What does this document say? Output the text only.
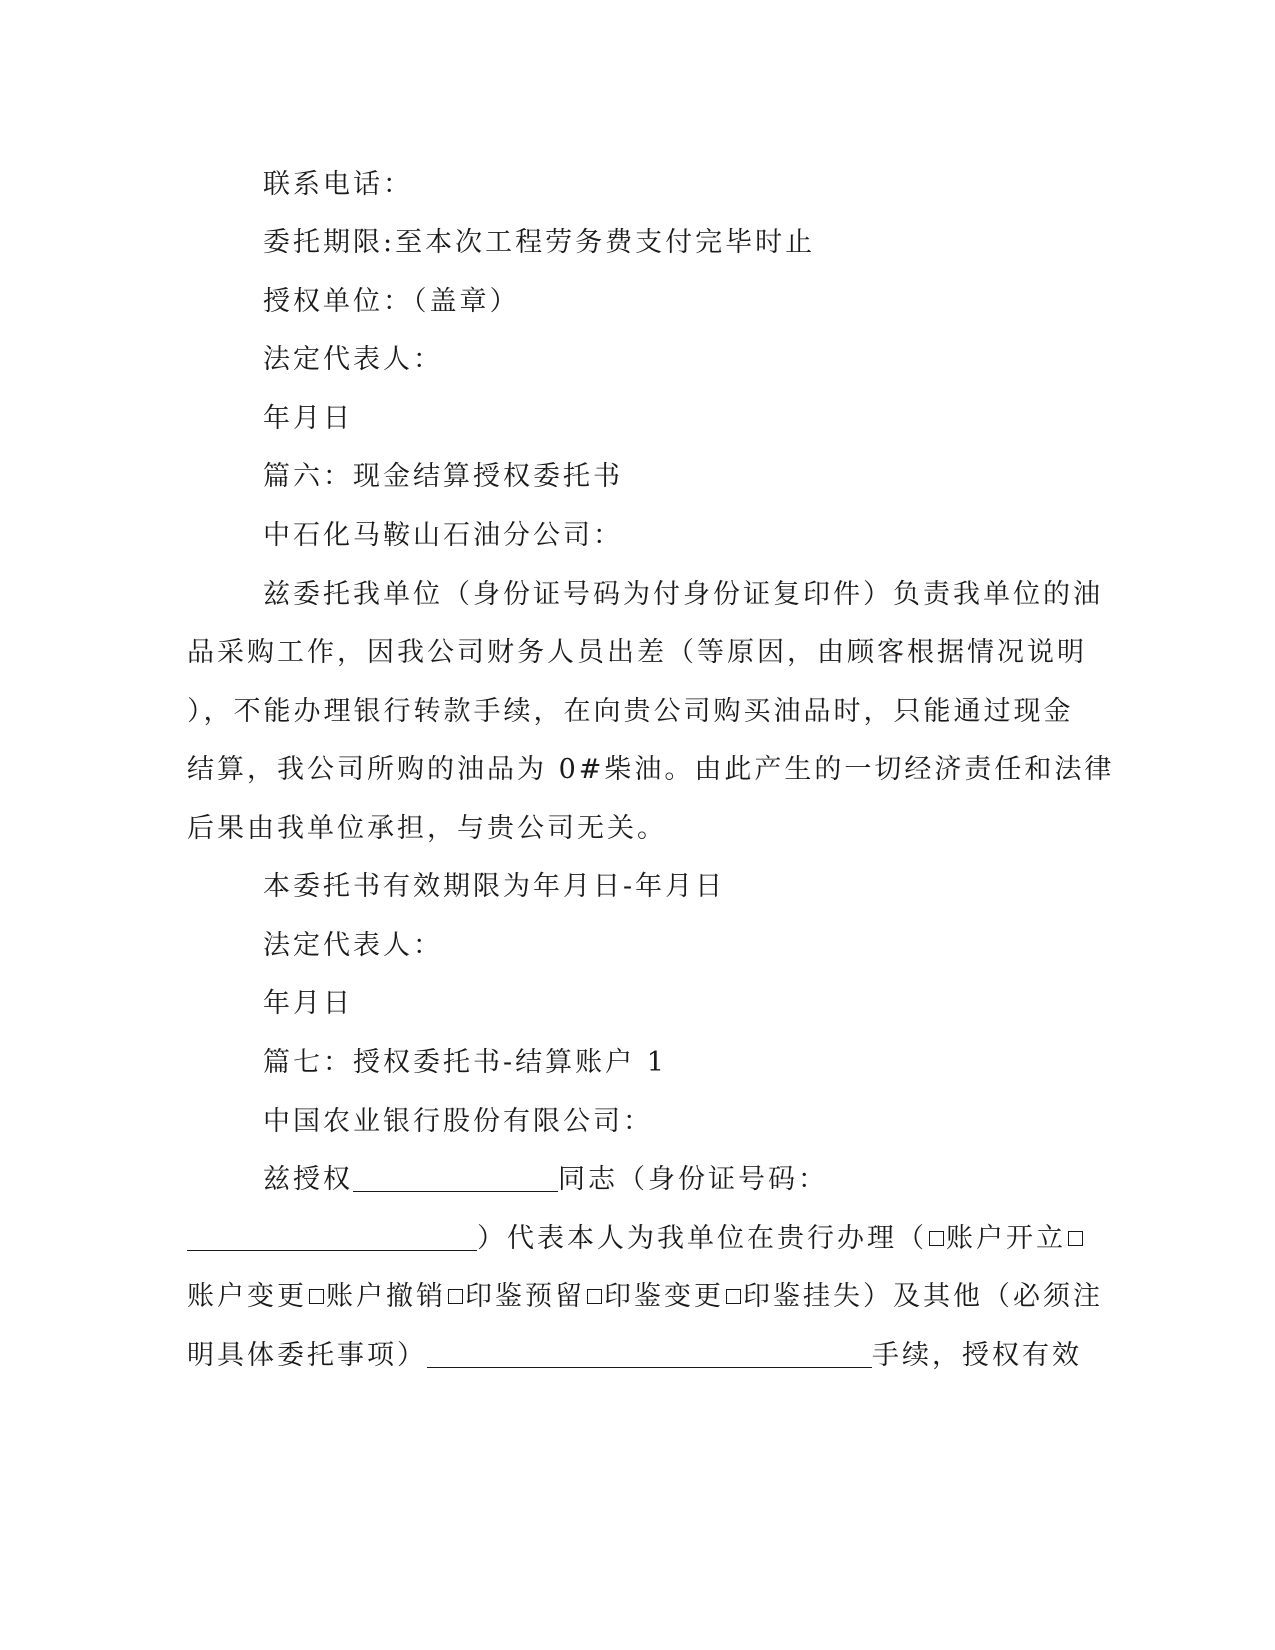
联系电话：
委托期限:至本次工程劳务费支付完毕时止
授权单位：（盖章）
法定代表人：
年月日
篇六：现金结算授权委托书
中石化马鞍山石油分公司：
兹委托我单位（身份证号码为付身份证复印件）负责我单位的油
品采购工作，因我公司财务人员出差（等原因，由顾客根据情况说明
），不能办理银行转款手续，在向贵公司购买油品时，只能通过现金
结算，我公司所购的油品为 0#柴油。由此产生的一切经济责任和法律
后果由我单位承担，与贵公司无关。
本委托书有效期限为年月日-年月日
法定代表人：
年月日
篇七：授权委托书-结算账户 1
中国农业银行股份有限公司：
兹授权	同志（身份证号码：
）代表本人为我单位在贵行办理（ 账户开立
账户变更 账户撤销 印鉴预留 印鉴变更 印鉴挂失）及其他（必须注
明具体委托事项）	手续，授权有效
